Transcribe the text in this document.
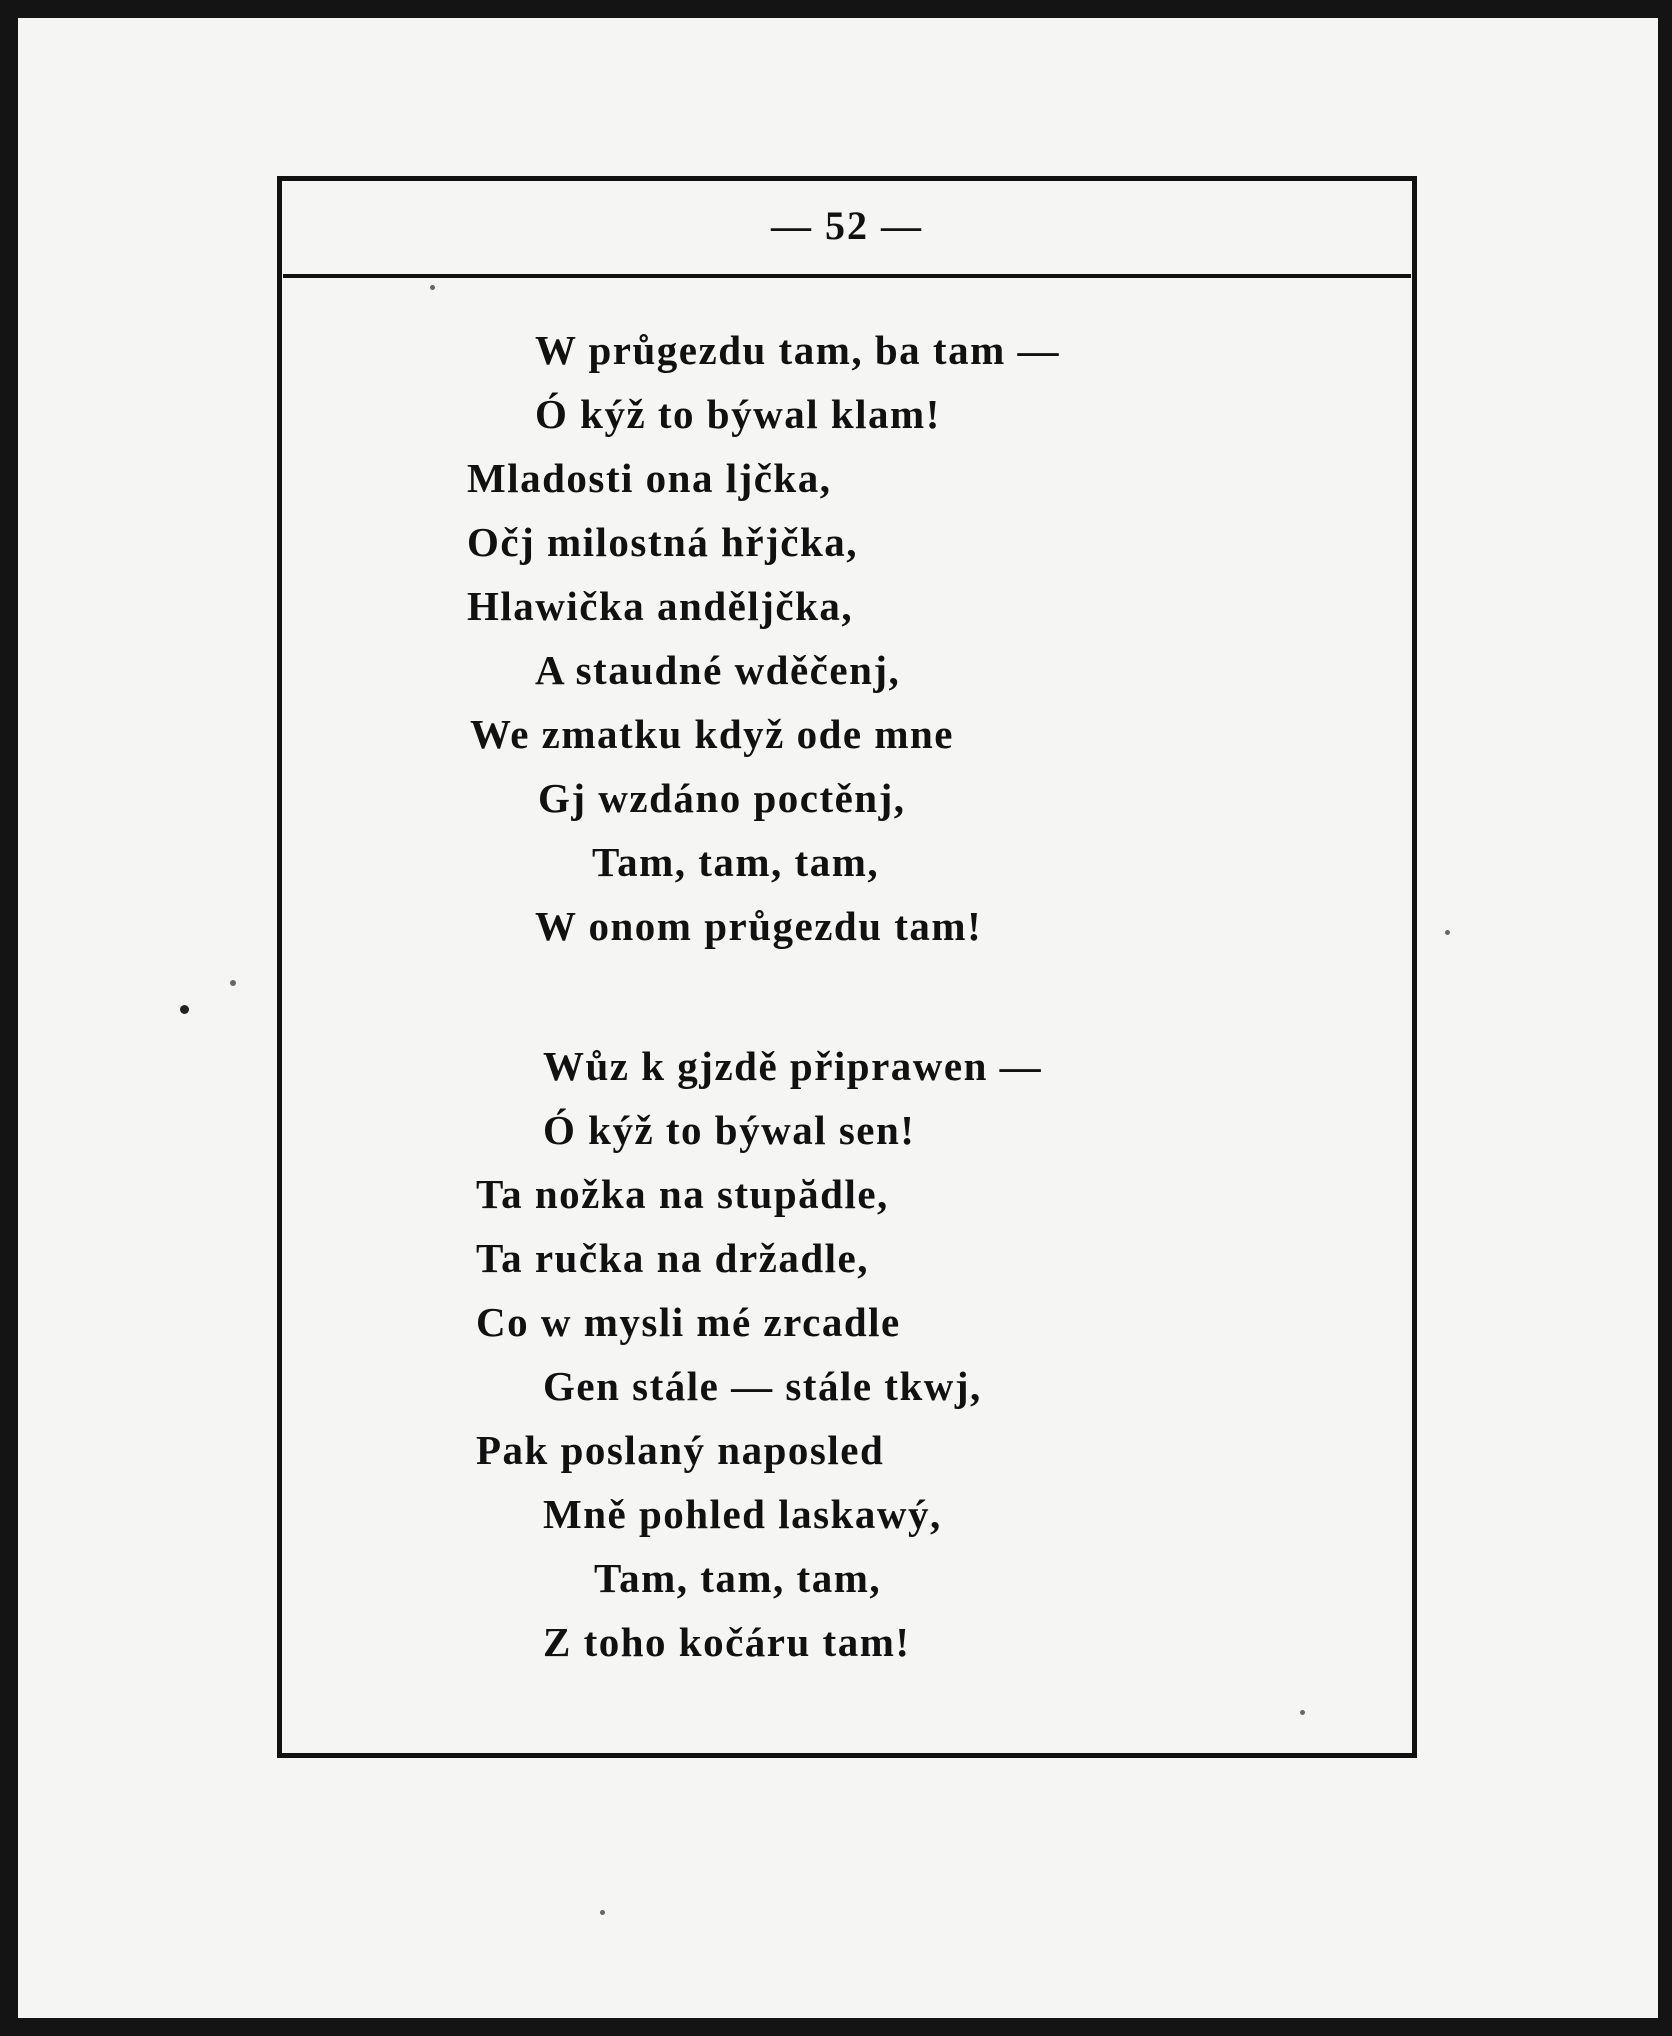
— 52 —
W průgezdu tam, ba tam —
Ó kýž to býwal klam!
Mladosti ona ljčka,
Očj milostná hřjčka,
Hlawička andělјčka,
A staudné wděčenj,
We zmatku když ode mne
Gj wzdáno poctěnj,
Tam, tam, tam,
W onom průgezdu tam!
Wůz k gjzdě připrawen —
Ó kýž to býwal sen!
Ta nožka na stupădle,
Ta ručka na držadle,
Co w mysli mé zrcadle
Gen stále — stále tkwj,
Pak poslaný naposled
Mně pohled laskawý,
Tam, tam, tam,
Z toho kočáru tam!
